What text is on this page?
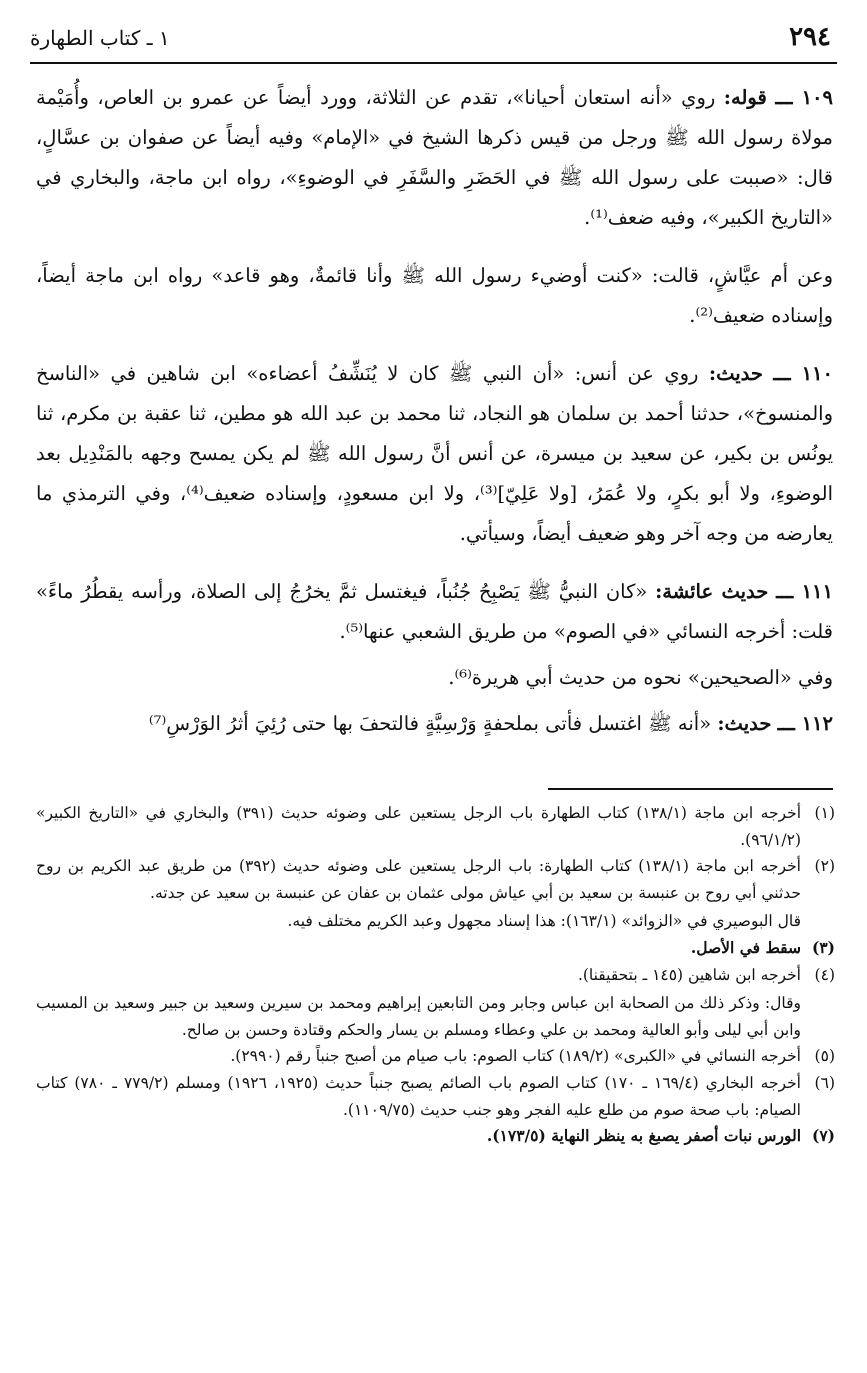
٢٩٤
١ ـ كتاب الطهارة

١٠٩ ـــ قوله: روي «أنه استعان أحيانا»، تقدم عن الثلاثة، وورد أيضاً عن عمرو بن العاص، وأُمَيْمة مولاة رسول الله ﷺ ورجل من قيس ذكرها الشيخ في «الإمام» وفيه أيضاً عن صفوان بن عسَّالٍ، قال: «صببت على رسول الله ﷺ في الحَضَرِ والسَّفَرِ في الوضوءِ»، رواه ابن ماجة، والبخاري في «التاريخ الكبير»، وفيه ضعف⁽¹⁾.

وعن أم عيَّاشٍ، قالت: «كنت أوضيء رسول الله ﷺ وأنا قائمةٌ، وهو قاعد» رواه ابن ماجة أيضاً، وإسناده ضعيف⁽²⁾.

١١٠ ـــ حديث: روي عن أنس: «أن النبي ﷺ كان لا يُنَشِّفُ أعضاءه» ابن شاهين في «الناسخ والمنسوخ»، حدثنا أحمد بن سلمان هو النجاد، ثنا محمد بن عبد الله هو مطين، ثنا عقبة بن مكرم، ثنا يونُس بن بكير، عن سعيد بن ميسرة، عن أنس أنَّ رسول الله ﷺ لم يكن يمسح وجهه بالمَنْدِيل بعد الوضوءِ، ولا أبو بكرٍ، ولا عُمَرُ، [ولا عَلِيّ]⁽³⁾، ولا ابن مسعودٍ، وإسناده ضعيف⁽⁴⁾، وفي الترمذي ما يعارضه من وجه آخر وهو ضعيف أيضاً، وسيأتي.

١١١ ـــ حديث عائشة: «كان النبيُّ ﷺ يَصْبِحُ جُنُباً، فيغتسل ثمَّ يخرُجُ إلى الصلاة، ورأسه يقطُرُ ماءً» قلت: أخرجه النسائي «في الصوم» من طريق الشعبي عنها⁽⁵⁾.

وفي «الصحيحين» نحوه من حديث أبي هريرة⁽⁶⁾.

١١٢ ـــ حديث: «أنه ﷺ اغتسل فأتى بملحفةٍ وَرْسِيَّةٍ فالتحفَ بها حتى رُئِيَ أثرُ الوَرْسِ⁽⁷⁾

(١)
أخرجه ابن ماجة (١٣٨/١) كتاب الطهارة باب الرجل يستعين على وضوئه حديث (٣٩١) والبخاري في «التاريخ الكبير» (٩٦/١/٢).
(٢)
أخرجه ابن ماجة (١٣٨/١) كتاب الطهارة: باب الرجل يستعين على وضوئه حديث (٣٩٢) من طريق عبد الكريم بن روح حدثني أبي روح بن عنبسة بن سعيد بن أبي عياش مولى عثمان بن عفان عن عنبسة بن سعيد عن جدته.
قال البوصيري في «الزوائد» (١٦٣/١): هذا إسناد مجهول وعبد الكريم مختلف فيه.
(٣)
سقط في الأصل.
(٤)
أخرجه ابن شاهين (١٤٥ ـ بتحقيقنا).
وقال: وذكر ذلك من الصحابة ابن عباس وجابر ومن التابعين إبراهيم ومحمد بن سيرين وسعيد بن جبير وسعيد بن المسيب وابن أبي ليلى وأبو العالية ومحمد بن علي وعطاء ومسلم بن يسار والحكم وقتادة وحسن بن صالح.
(٥)
أخرجه النسائي في «الكبرى» (١٨٩/٢) كتاب الصوم: باب صيام من أصبح جنباً رقم (٢٩٩٠).
(٦)
أخرجه البخاري (١٦٩/٤ ـ ١٧٠) كتاب الصوم باب الصائم يصبح جنباً حديث (١٩٢٥، ١٩٢٦) ومسلم (٧٧٩/٢ ـ ٧٨٠) كتاب الصيام: باب صحة صوم من طلع عليه الفجر وهو جنب حديث (١١٠٩/٧٥).
(٧)
الورس نبات أصفر يصبغ به ينظر النهاية (١٧٣/٥).
